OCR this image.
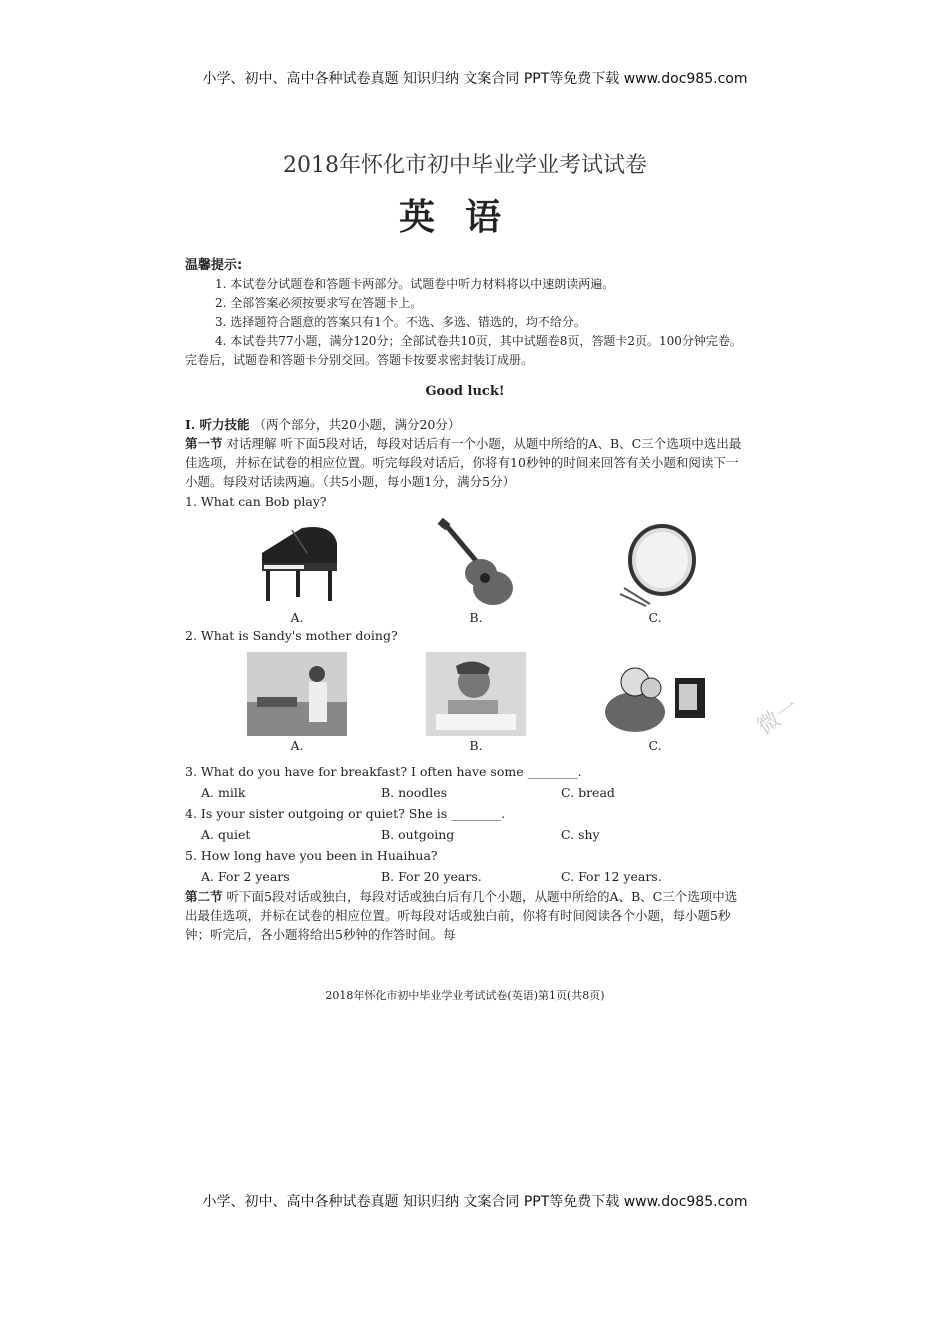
小学、初中、高中各种试卷真题 知识归纳 文案合同 PPT等免费下载 www.doc985.com
2018年怀化市初中毕业学业考试试卷
英语
温馨提示:

1. 本试卷分试题卷和答题卡两部分。试题卷中听力材料将以中速朗读两遍。

2. 全部答案必须按要求写在答题卡上。

3. 选择题符合题意的答案只有1个。不选、多选、错选的，均不给分。

4. 本试卷共77小题，满分120分；全部试卷共10页，其中试题卷8页，答题卡2页。100分钟完卷。完卷后，试题卷和答题卡分别交回。答题卡按要求密封装订成册。

Good luck!

I. 听力技能 （两个部分，共20小题，满分20分）

第一节 对话理解 听下面5段对话，每段对话后有一个小题，从题中所给的A、B、C三个选项中选出最佳选项，并标在试卷的相应位置。听完每段对话后，你将有10秒钟的时间来回答有关小题和阅读下一小题。每段对话读两遍。（共5小题，每小题1分，满分5分）

1. What can Bob play?

A.	B.	C.

2. What is Sandy's mother doing?

A.	B.	C.

3. What do you have for breakfast? I often have some ________.

A. milk	B. noodles	C. bread

4. Is your sister outgoing or quiet? She is ________.

A. quiet	B. outgoing	C. shy

5. How long have you been in Huaihua?

A. For 2 years	B. For 20 years.	C. For 12 years.

第二节 听下面5段对话或独白，每段对话或独白后有几个小题，从题中所给的A、B、C三个选项中选出最佳选项，并标在试卷的相应位置。听每段对话或独白前，你将有时间阅读各个小题，每小题5秒钟；听完后，各小题将给出5秒钟的作答时间。每

2018年怀化市初中毕业学业考试试卷(英语)第1页(共8页)
微一
小学、初中、高中各种试卷真题 知识归纳 文案合同 PPT等免费下载 www.doc985.com
